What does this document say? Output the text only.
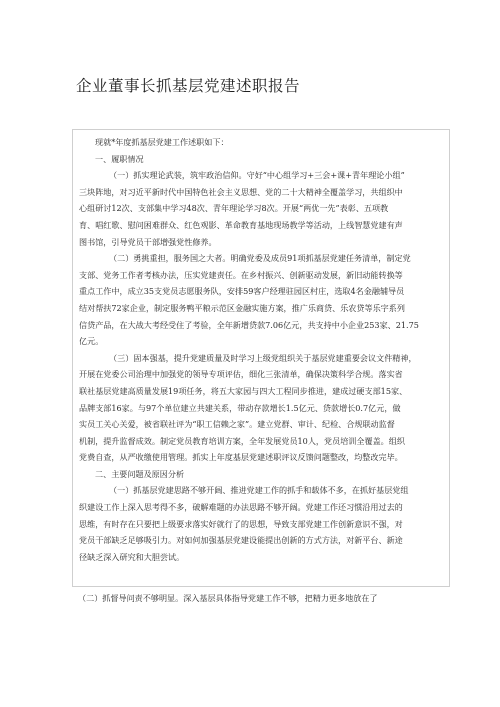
企业董事长抓基层党建述职报告
现就*年度抓基层党建工作述职如下：
一、履职情况
（一）抓实理论武装，筑牢政治信仰。守好“中心组学习+三会+课+青年理论小组”
三块阵地，对习近平新时代中国特色社会主义思想、党的二十大精神全覆盖学习，共组织中
心组研讨12次、支部集中学习48次、青年理论学习8次。开展“两优一先”表彰、五项教
育、唱红歌、慰问困难群众、红色观影、革命教育基地现场教学等活动，上线智慧党建有声
图书馆，引导党员干部增强党性修养。
（二）勇挑重担，服务国之大者。明确党委及成员91项抓基层党建任务清单，制定党
支部、党务工作者考核办法，压实党建责任。在乡村振兴、创新驱动发展，新旧动能转换等
重点工作中，成立35支党员志愿服务队，安排59客户经理驻园区村庄，选取4名金融辅导员
结对帮扶72家企业，制定服务鸭平粮示范区金融实施方案，推广乐商贷、乐农贷等乐字系列
信贷产品，在大战大考经受住了考验，全年新增贷款7.06亿元，共支持中小企业253家、21.75
亿元。
（三）固本强基，提升党建质量及时学习上级党组织关于基层党建重要会议文件精神，
开展在党委公司治理中加强党的领导专项评估，细化三张清单，确保决策科学合规。落实省
联社基层党建高质量发展19项任务，将五大家园与四大工程同步推进，建成过硬支部15家、
品牌支部16家。与97个单位建立共建关系，带动存款增长1.5亿元、贷款增长0.7亿元，做
实员工关心关爱，被省联社评为“职工信赖之家”。建立党群、审计、纪检、合规联动监督
机制，提升监督成效。制定党员教育培训方案，全年发展党员10人，党员培训全覆盖。组织
党费自查，从严收缴使用管理。抓实上年度基层党建述职评议反馈问题整改，均整改完毕。
二、主要问题及原因分析
（一）抓基层党建思路不够开阔、推进党建工作的抓手和载体不多，在抓好基层党组
织建设工作上深入思考得不多，破解难题的办法思路不够开阔。党建工作还习惯沿用过去的
思维，有时存在只要把上级要求落实好就行了的思想，导致支部党建工作创新意识不强，对
党员干部缺乏足够吸引力。对如何加强基层党建设能提出创新的方式方法，对新平台、新途
径缺乏深入研究和大胆尝试。
（二）抓督导问责不够明显。深入基层具体指导党建工作不够，把精力更多地放在了
